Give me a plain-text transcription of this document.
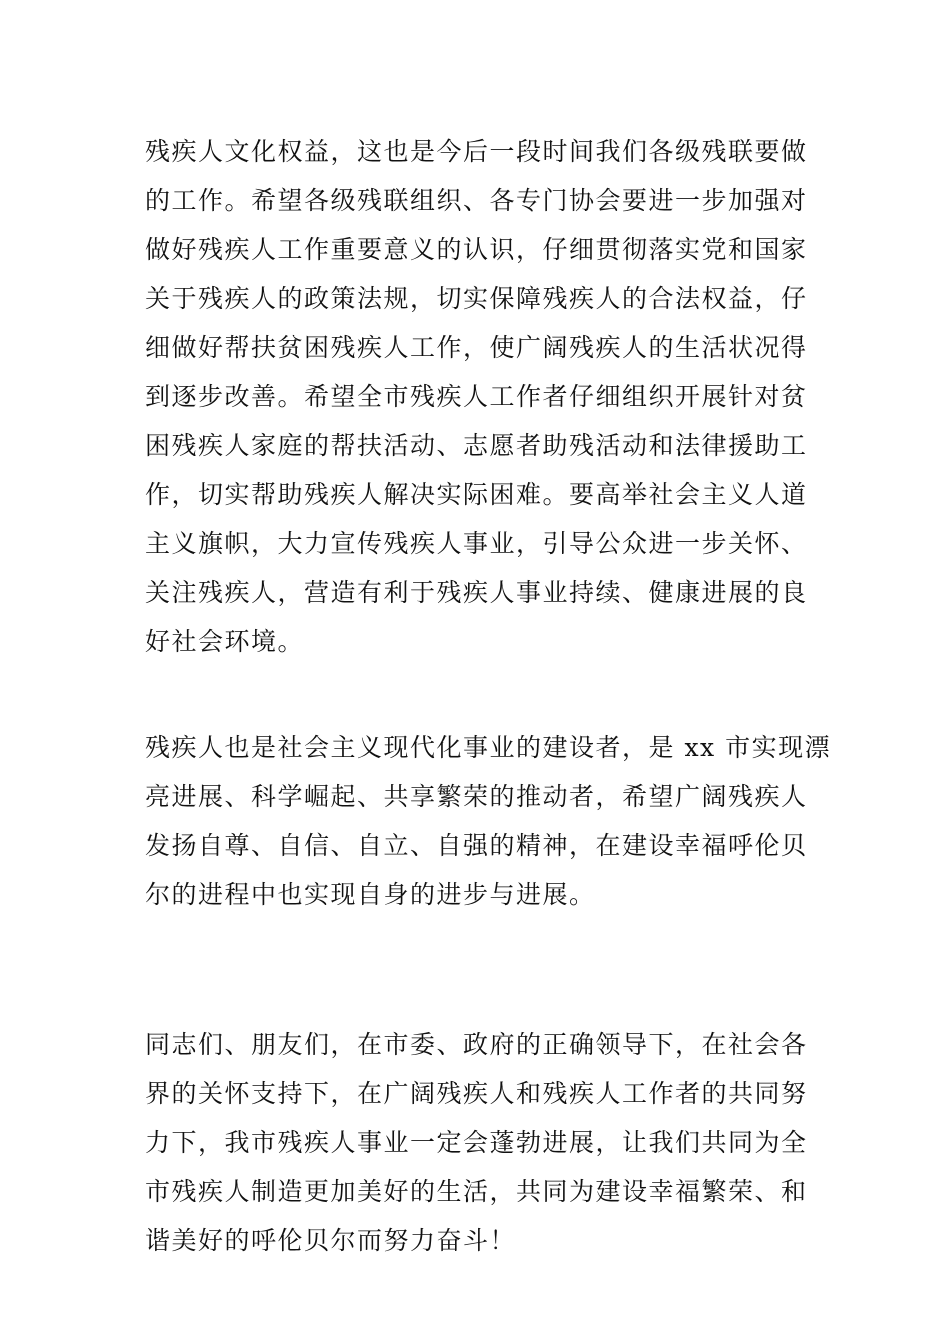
残疾人文化权益，这也是今后一段时间我们各级残联要做
的工作。希望各级残联组织、各专门协会要进一步加强对
做好残疾人工作重要意义的认识，仔细贯彻落实党和国家
关于残疾人的政策法规，切实保障残疾人的合法权益，仔
细做好帮扶贫困残疾人工作，使广阔残疾人的生活状况得
到逐步改善。希望全市残疾人工作者仔细组织开展针对贫
困残疾人家庭的帮扶活动、志愿者助残活动和法律援助工
作，切实帮助残疾人解决实际困难。要高举社会主义人道
主义旗帜，大力宣传残疾人事业，引导公众进一步关怀、
关注残疾人，营造有利于残疾人事业持续、健康进展的良
好社会环境。
残疾人也是社会主义现代化事业的建设者，是 xx 市实现漂
亮进展、科学崛起、共享繁荣的推动者，希望广阔残疾人
发扬自尊、自信、自立、自强的精神，在建设幸福呼伦贝
尔的进程中也实现自身的进步与进展。
同志们、朋友们，在市委、政府的正确领导下，在社会各
界的关怀支持下，在广阔残疾人和残疾人工作者的共同努
力下，我市残疾人事业一定会蓬勃进展，让我们共同为全
市残疾人制造更加美好的生活，共同为建设幸福繁荣、和
谐美好的呼伦贝尔而努力奋斗！
